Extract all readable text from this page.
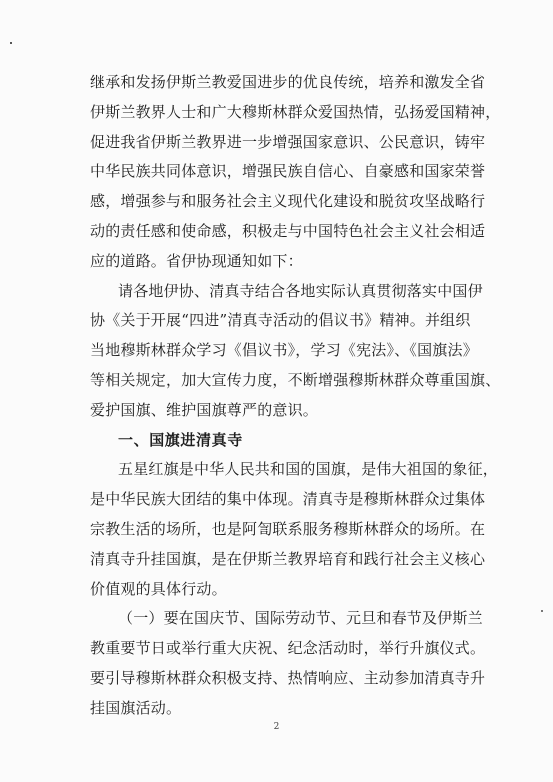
继承和发扬伊斯兰教爱国进步的优良传统，培养和激发全省
伊斯兰教界人士和广大穆斯林群众爱国热情，弘扬爱国精神，
促进我省伊斯兰教界进一步增强国家意识、公民意识，铸牢
中华民族共同体意识，增强民族自信心、自豪感和国家荣誉
感，增强参与和服务社会主义现代化建设和脱贫攻坚战略行
动的责任感和使命感，积极走与中国特色社会主义社会相适
应的道路。省伊协现通知如下：
请各地伊协、清真寺结合各地实际认真贯彻落实中国伊
协《关于开展“四进”清真寺活动的倡议书》精神。并组织
当地穆斯林群众学习《倡议书》，学习《宪法》、《国旗法》
等相关规定，加大宣传力度，不断增强穆斯林群众尊重国旗、
爱护国旗、维护国旗尊严的意识。
一、国旗进清真寺
五星红旗是中华人民共和国的国旗，是伟大祖国的象征，
是中华民族大团结的集中体现。清真寺是穆斯林群众过集体
宗教生活的场所，也是阿訇联系服务穆斯林群众的场所。在
清真寺升挂国旗，是在伊斯兰教界培育和践行社会主义核心
价值观的具体行动。
（一）要在国庆节、国际劳动节、元旦和春节及伊斯兰
教重要节日或举行重大庆祝、纪念活动时，举行升旗仪式。
要引导穆斯林群众积极支持、热情响应、主动参加清真寺升
挂国旗活动。
2
